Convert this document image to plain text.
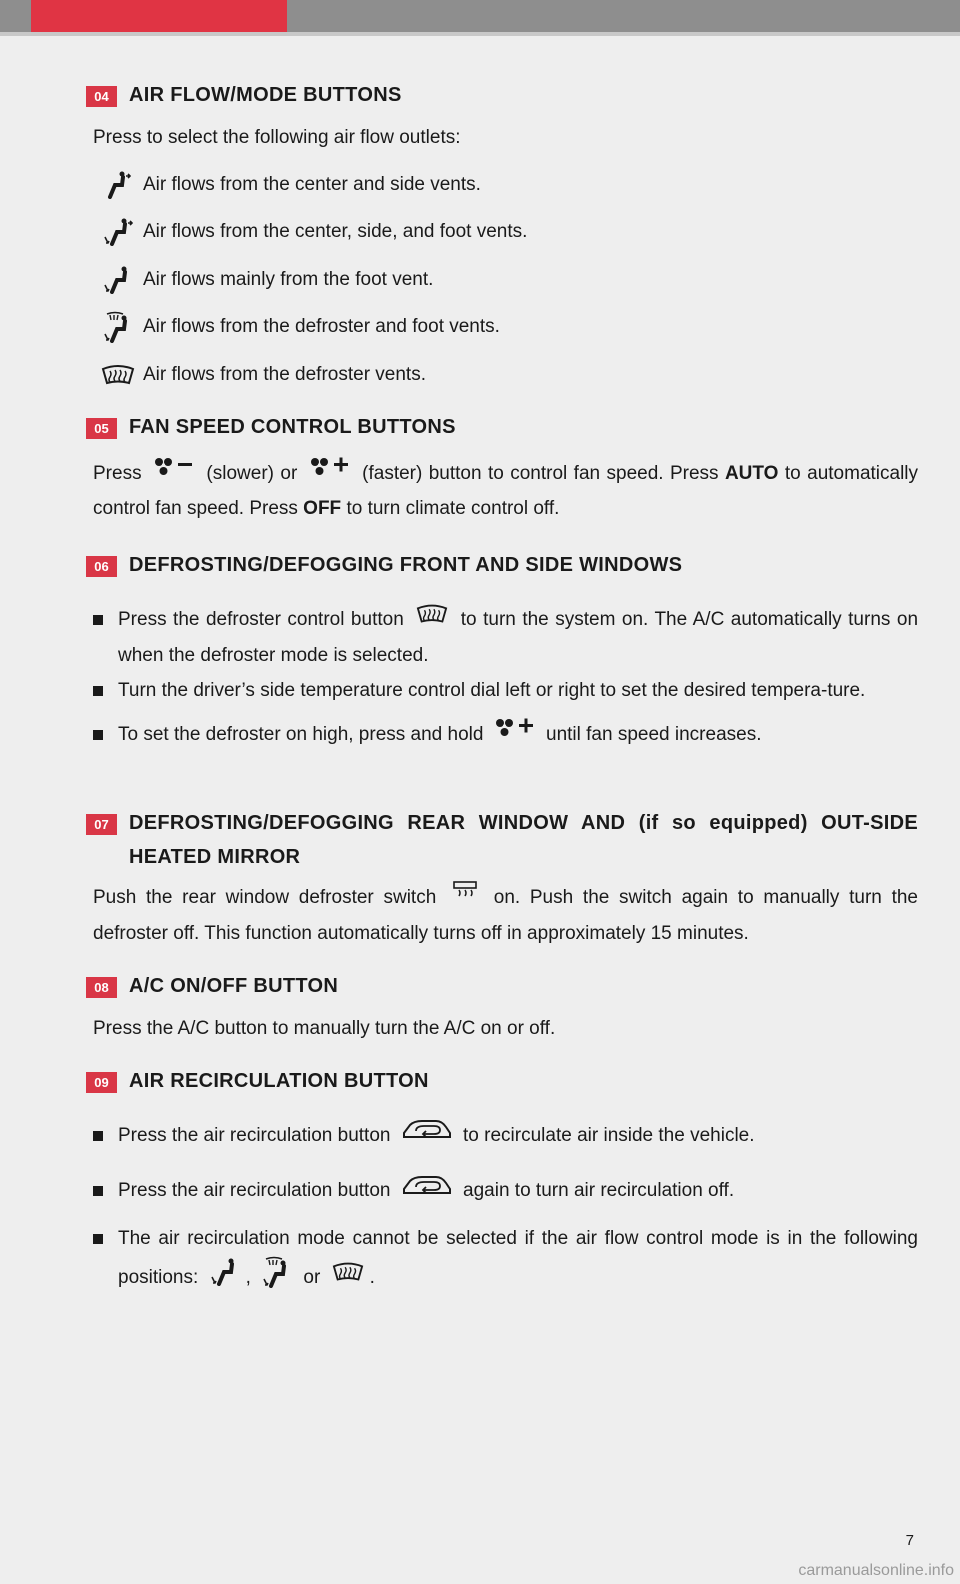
04	AIR FLOW/MODE BUTTONS
Press to select the following air flow outlets:
Air flows from the center and side vents.
Air flows from the center, side, and foot vents.
Air flows mainly from the foot vent.
Air flows from the defroster and foot vents.
Air flows from the defroster vents.
05	FAN SPEED CONTROL BUTTONS
Press	(slower) or	(faster) button to control fan speed. Press AUTO to automatically control fan speed. Press OFF to turn climate control off.
06	DEFROSTING/DEFOGGING FRONT AND SIDE WINDOWS
Press the defroster control button	to turn the system on. The A/C automatically turns on when the defroster mode is selected.
Turn the driver’s side temperature control dial left or right to set the desired tempera-ture.
To set the defroster on high, press and hold	until fan speed increases.
07	DEFROSTING/DEFOGGING REAR WINDOW AND (if so equipped) OUT-SIDE HEATED MIRROR
Push the rear window defroster switch	on. Push the switch again to manually turn the defroster off. This function automatically turns off in approximately 15 minutes.
08	A/C ON/OFF BUTTON
Press the A/C button to manually turn the A/C on or off.
09	AIR RECIRCULATION BUTTON
Press the air recirculation button	to recirculate air inside the vehicle.
Press the air recirculation button	again to turn air recirculation off.
The air recirculation mode cannot be selected if the air flow control mode is in the following positions: ,	or	.
7
carmanualsonline.info
